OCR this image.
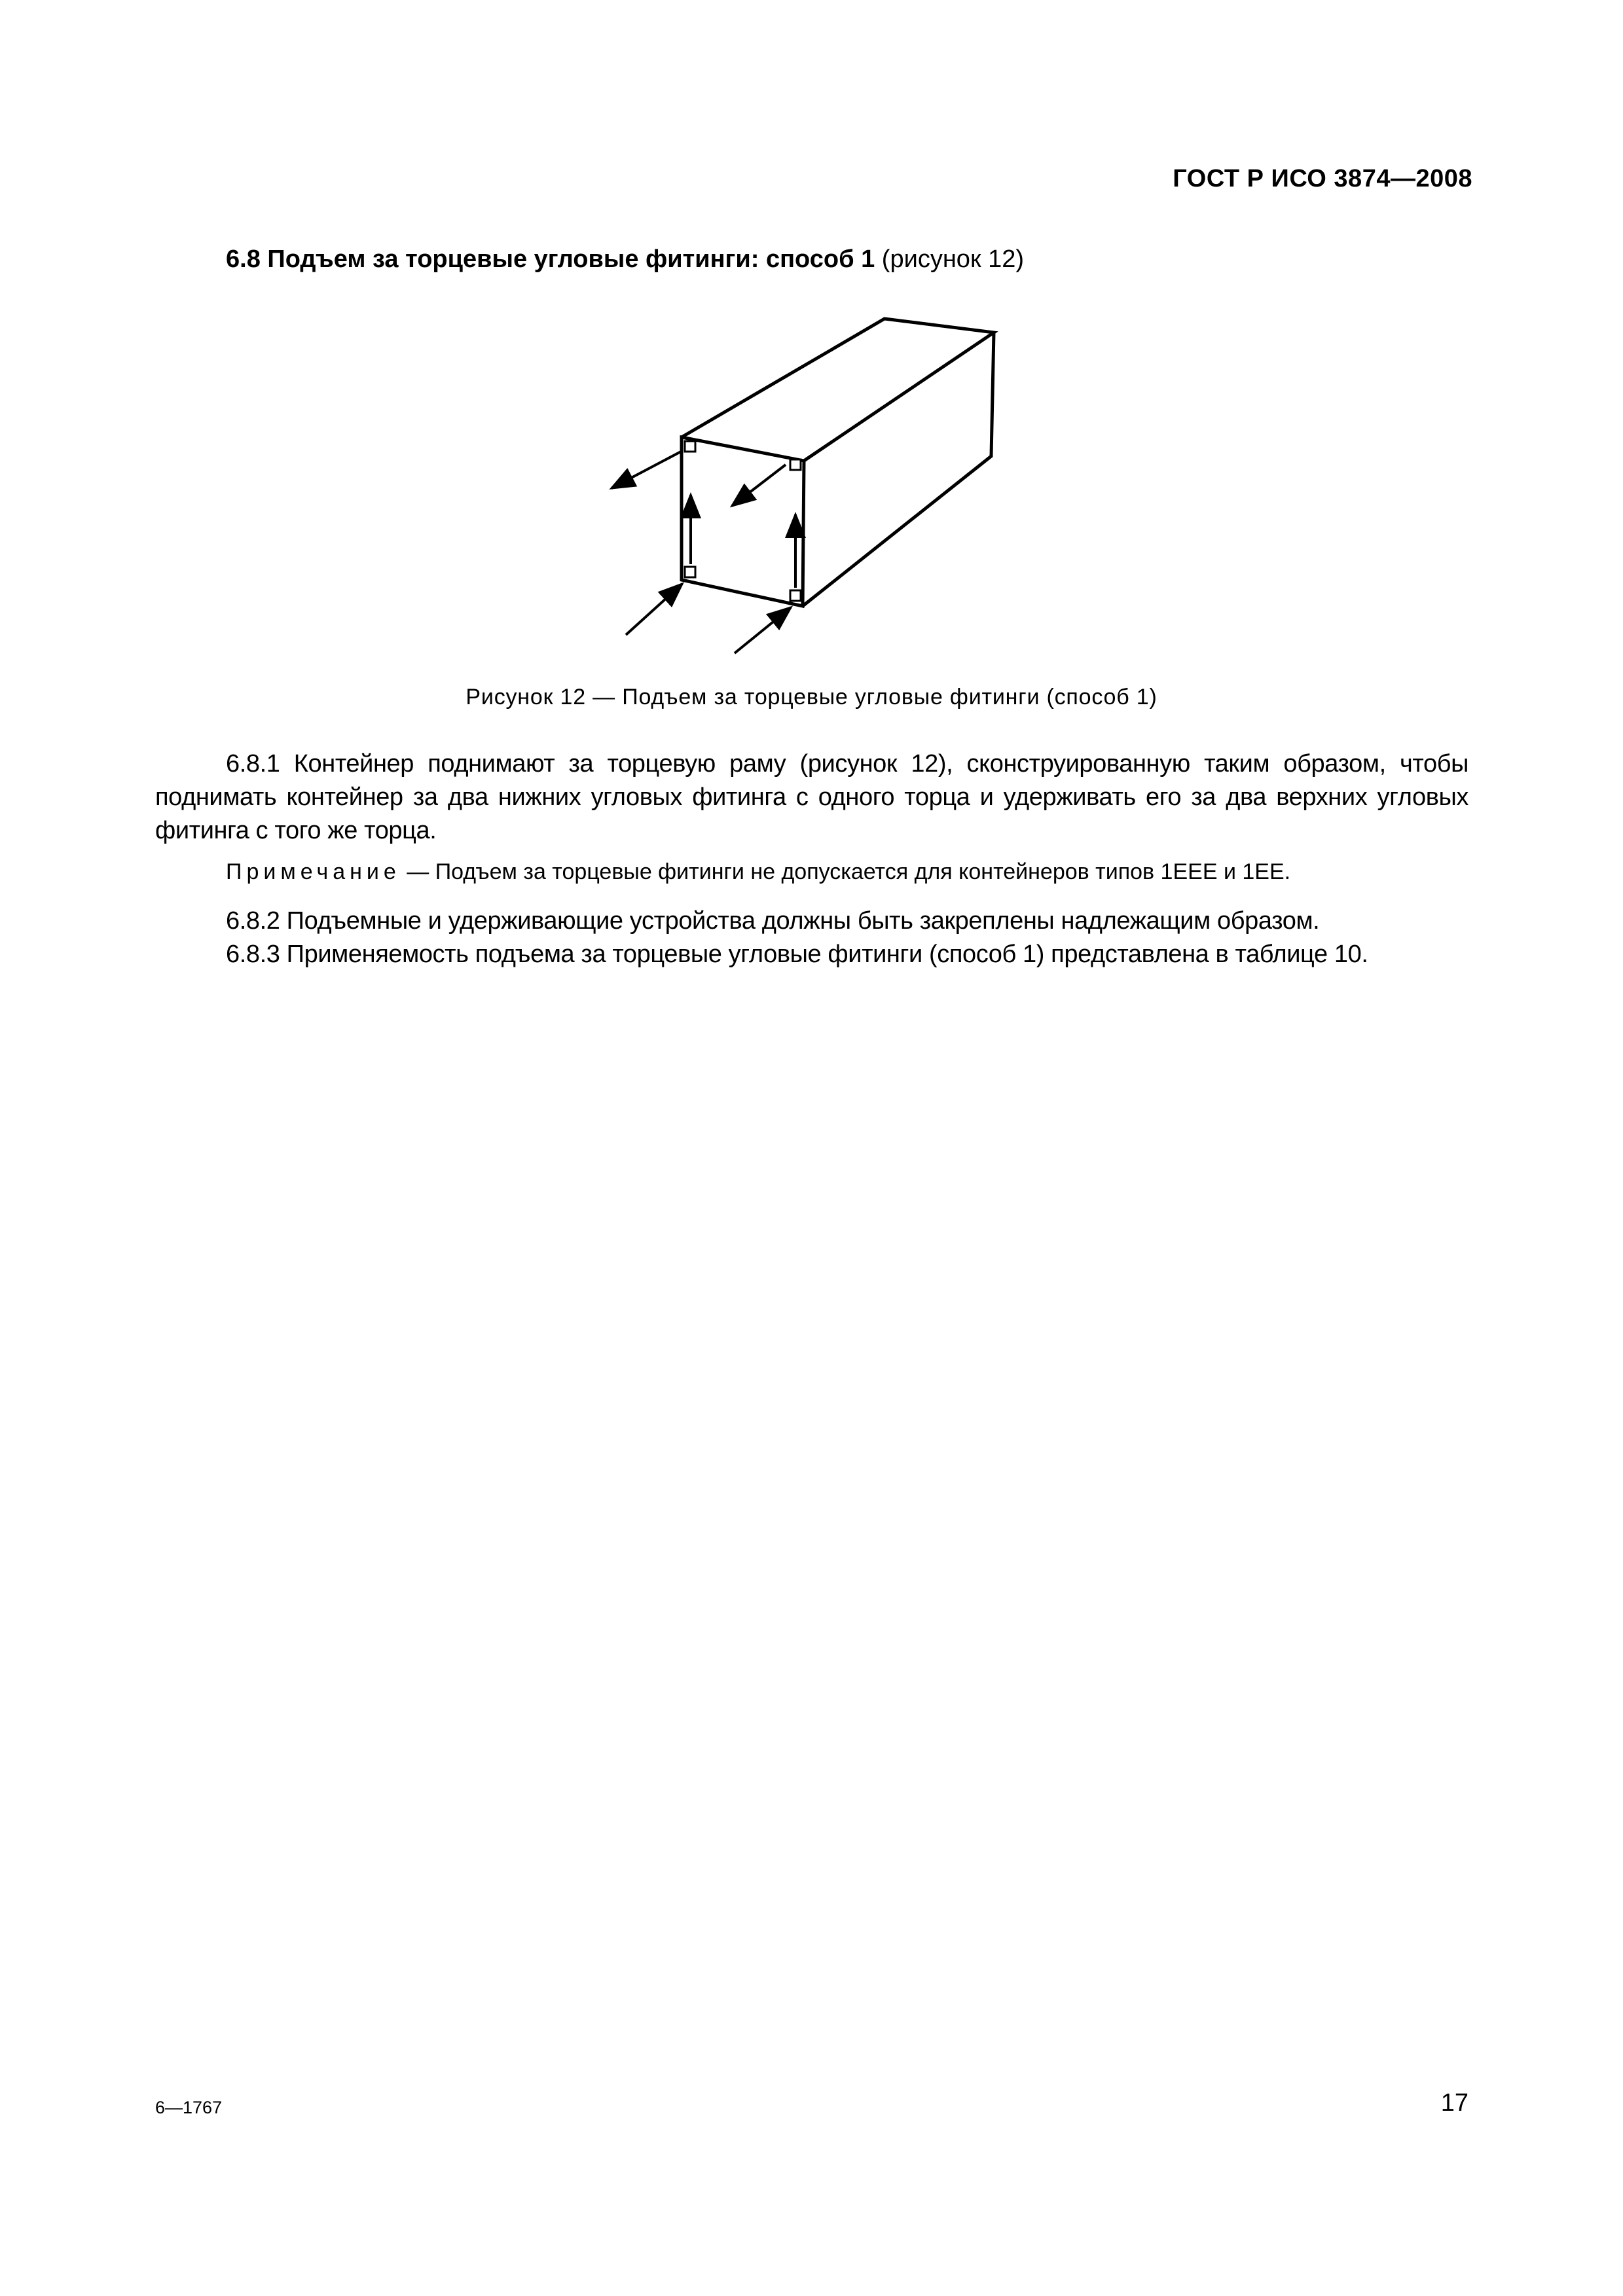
ГОСТ Р ИСО 3874—2008
6.8 Подъем за торцевые угловые фитинги: способ 1 (рисунок 12)
Рисунок 12 — Подъем за торцевые угловые фитинги (способ 1)
6.8.1 Контейнер поднимают за торцевую раму (рисунок 12), сконструированную таким образом, чтобы поднимать контейнер за два нижних угловых фитинга с одного торца и удерживать его за два верхних угловых фитинга с того же торца.
Примечание — Подъем за торцевые фитинги не допускается для контейнеров типов 1EEE и 1EE.
6.8.2 Подъемные и удерживающие устройства должны быть закреплены надлежащим образом.
6.8.3 Применяемость подъема за торцевые угловые фитинги (способ 1) представлена в таблице 10.
6—1767	17
